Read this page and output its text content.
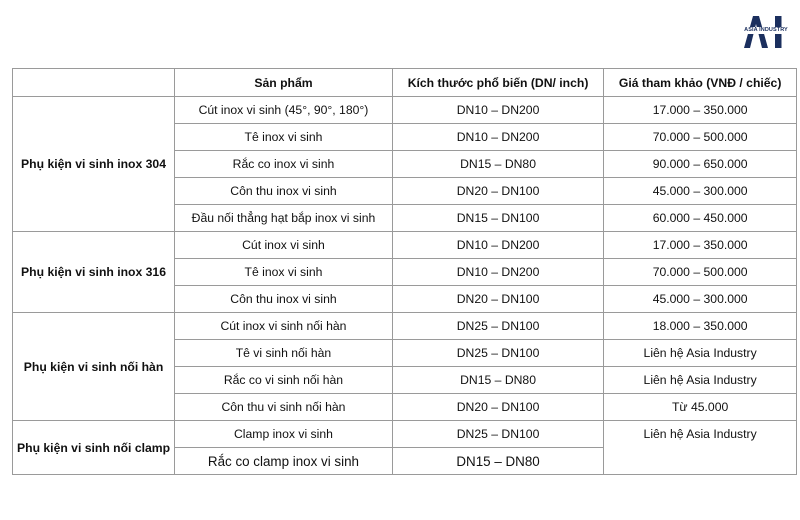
ASIA INDUSTRY
	Sản phẩm	Kích thước phổ biến (DN/ inch)	Giá tham khảo (VNĐ / chiếc)
Phụ kiện vi sinh inox 304	Cút inox vi sinh (45°, 90°, 180°)	DN10 – DN200	17.000 – 350.000
	Tê inox vi sinh	DN10 – DN200	70.000 – 500.000
	Rắc co inox vi sinh	DN15 – DN80	90.000 – 650.000
	Côn thu inox vi sinh	DN20 – DN100	45.000 – 300.000
	Đầu nối thẳng hạt bắp inox vi sinh	DN15 – DN100	60.000 – 450.000
Phụ kiện vi sinh inox 316	Cút inox vi sinh	DN10 – DN200	17.000 – 350.000
	Tê inox vi sinh	DN10 – DN200	70.000 – 500.000
	Côn thu inox vi sinh	DN20 – DN100	45.000 – 300.000
Phụ kiện vi sinh nối hàn	Cút inox vi sinh nối hàn	DN25 – DN100	18.000 – 350.000
	Tê vi sinh nối hàn	DN25 – DN100	Liên hệ Asia Industry
	Rắc co vi sinh nối hàn	DN15 – DN80	Liên hệ Asia Industry
	Côn thu vi sinh nối hàn	DN20 – DN100	Từ 45.000
Phụ kiện vi sinh nối clamp	Clamp inox vi sinh	DN25 – DN100	Liên hệ Asia Industry
	Rắc co clamp inox vi sinh	DN15 – DN80	
